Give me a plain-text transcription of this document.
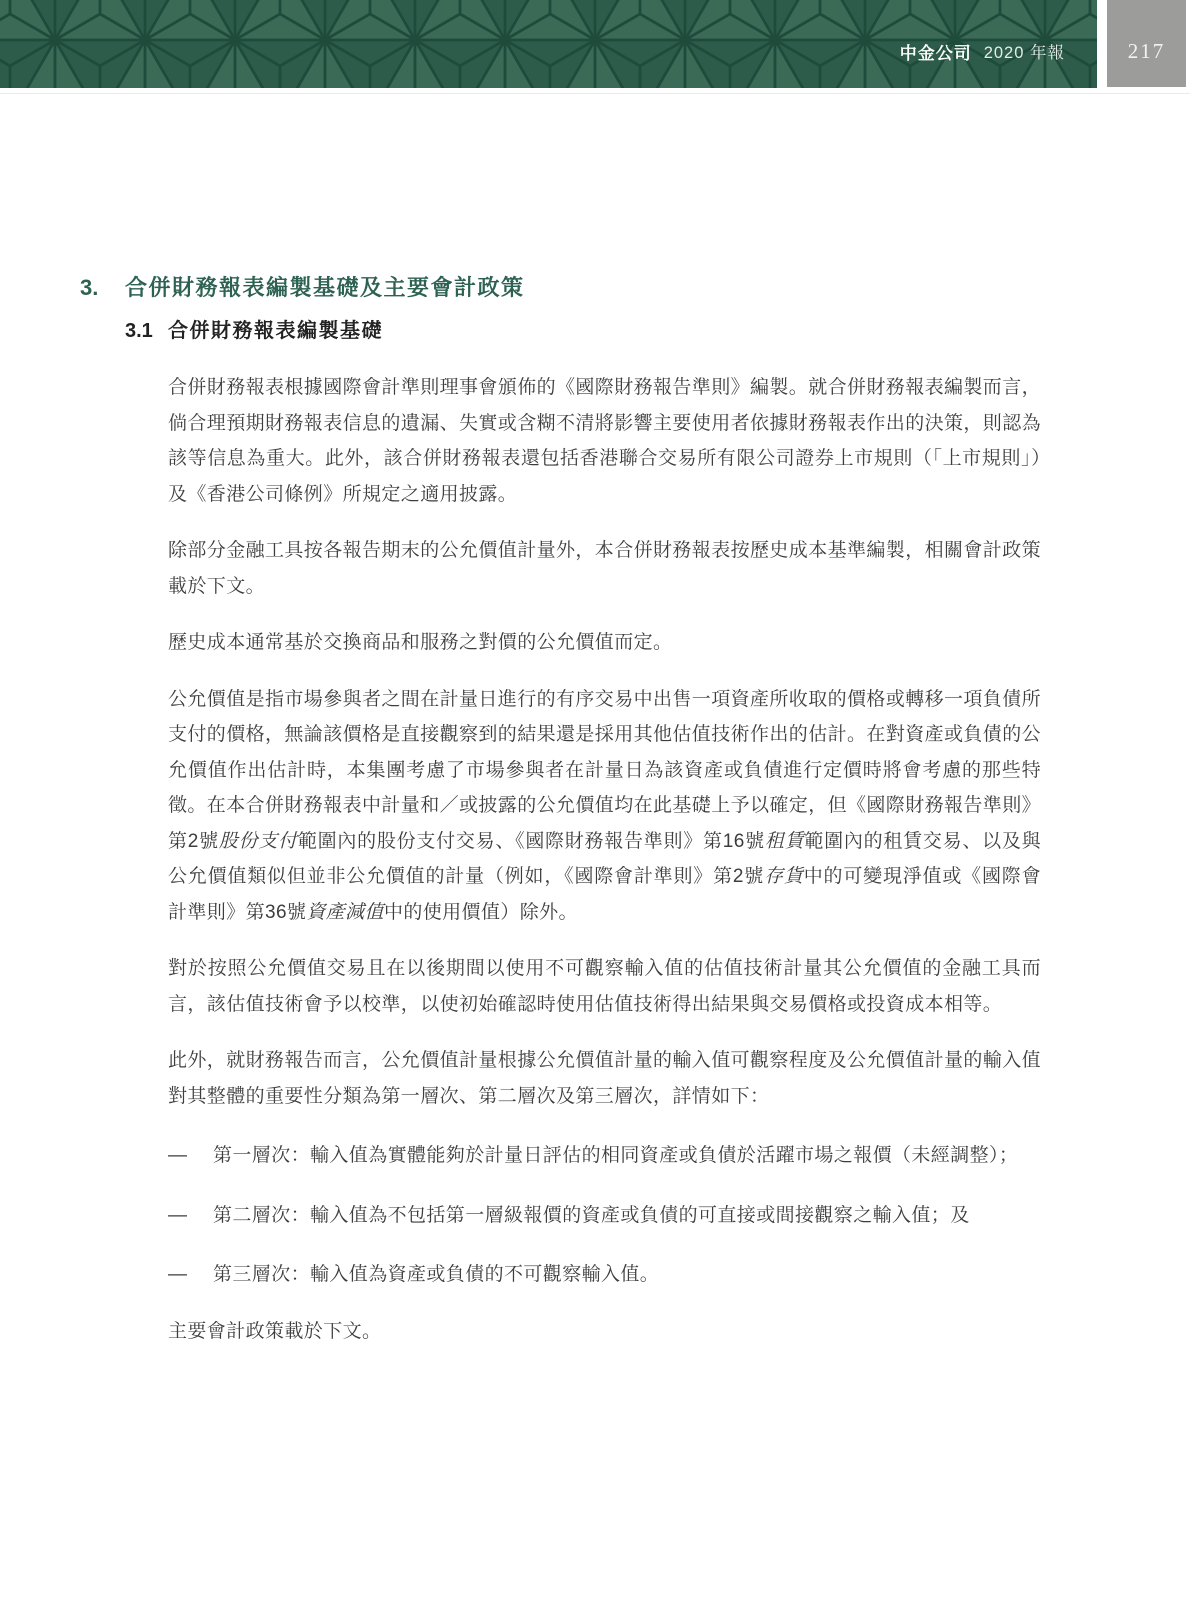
中金公司 2020 年報	217
3.	合併財務報表編製基礎及主要會計政策
3.1 合併財務報表編製基礎

合併財務報表根據國際會計準則理事會頒佈的《國際財務報告準則》編製。就合併財務報表編製而言，倘合理預期財務報表信息的遺漏、失實或含糊不清將影響主要使用者依據財務報表作出的決策，則認為該等信息為重大。此外，該合併財務報表還包括香港聯合交易所有限公司證券上市規則（「上市規則」）及《香港公司條例》所規定之適用披露。

除部分金融工具按各報告期末的公允價值計量外，本合併財務報表按歷史成本基準編製，相關會計政策載於下文。

歷史成本通常基於交換商品和服務之對價的公允價值而定。

公允價值是指市場參與者之間在計量日進行的有序交易中出售一項資產所收取的價格或轉移一項負債所支付的價格，無論該價格是直接觀察到的結果還是採用其他估值技術作出的估計。在對資產或負債的公允價值作出估計時，本集團考慮了市場參與者在計量日為該資產或負債進行定價時將會考慮的那些特徵。在本合併財務報表中計量和／或披露的公允價值均在此基礎上予以確定，但《國際財務報告準則》第2號股份支付範圍內的股份支付交易、《國際財務報告準則》第16號租賃範圍內的租賃交易、以及與公允價值類似但並非公允價值的計量（例如，《國際會計準則》第2號存貨中的可變現淨值或《國際會計準則》第36號資產減值中的使用價值）除外。

對於按照公允價值交易且在以後期間以使用不可觀察輸入值的估值技術計量其公允價值的金融工具而言，該估值技術會予以校準，以使初始確認時使用估值技術得出結果與交易價格或投資成本相等。

此外，就財務報告而言，公允價值計量根據公允價值計量的輸入值可觀察程度及公允價值計量的輸入值對其整體的重要性分類為第一層次、第二層次及第三層次，詳情如下：

— 第一層次：輸入值為實體能夠於計量日評估的相同資產或負債於活躍市場之報價（未經調整）；
— 第二層次：輸入值為不包括第一層級報價的資產或負債的可直接或間接觀察之輸入值；及
— 第三層次：輸入值為資產或負債的不可觀察輸入值。

主要會計政策載於下文。
